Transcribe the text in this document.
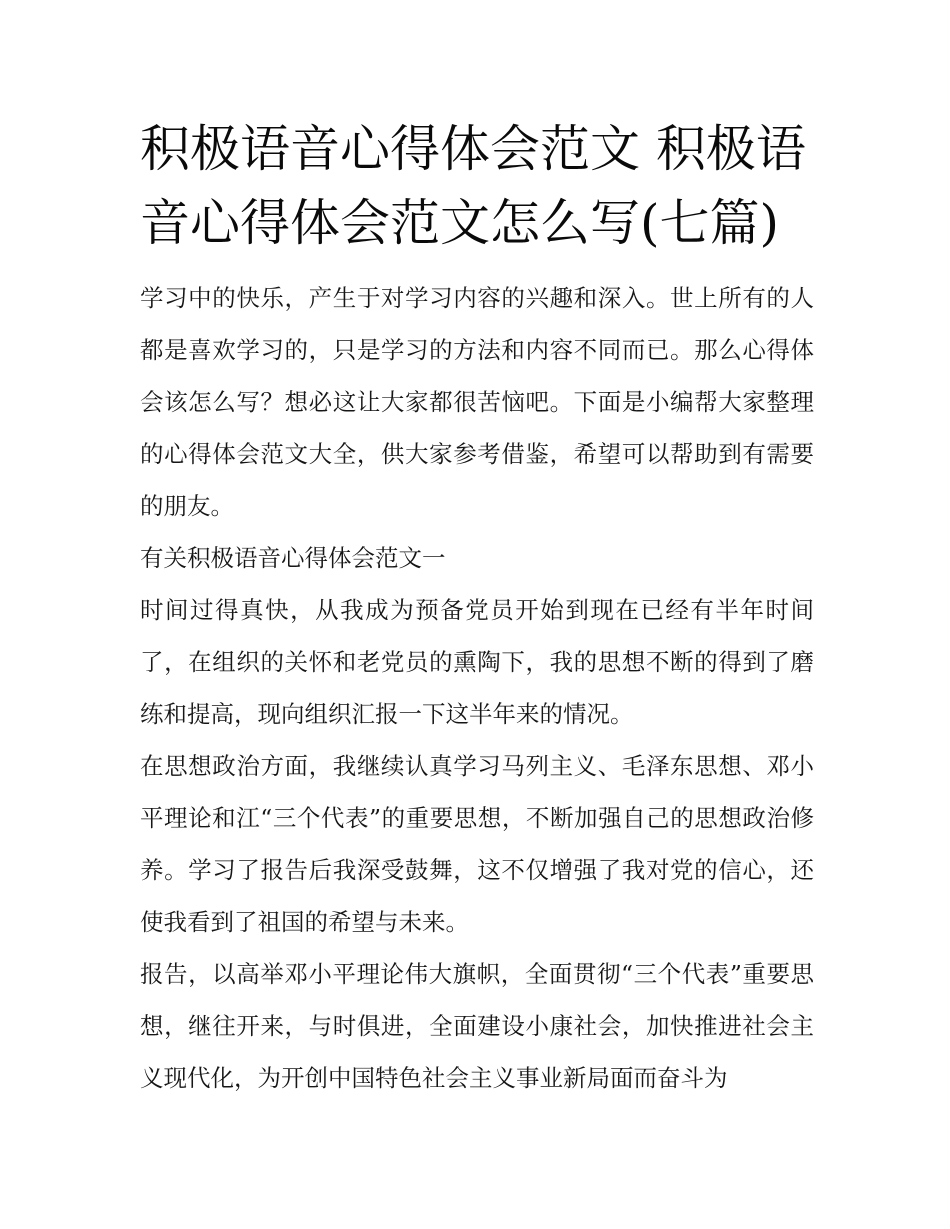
积极语音心得体会范文 积极语音心得体会范文怎么写(七篇)

学习中的快乐，产生于对学习内容的兴趣和深入。世上所有的人都是喜欢学习的，只是学习的方法和内容不同而已。那么心得体会该怎么写？想必这让大家都很苦恼吧。下面是小编帮大家整理的心得体会范文大全，供大家参考借鉴，希望可以帮助到有需要的朋友。

有关积极语音心得体会范文一

时间过得真快，从我成为预备党员开始到现在已经有半年时间了，在组织的关怀和老党员的熏陶下，我的思想不断的得到了磨练和提高，现向组织汇报一下这半年来的情况。

在思想政治方面，我继续认真学习马列主义、毛泽东思想、邓小平理论和江“三个代表”的重要思想，不断加强自己的思想政治修养。学习了报告后我深受鼓舞，这不仅增强了我对党的信心，还使我看到了祖国的希望与未来。

报告，以高举邓小平理论伟大旗帜，全面贯彻“三个代表”重要思想，继往开来，与时俱进，全面建设小康社会，加快推进社会主义现代化，为开创中国特色社会主义事业新局面而奋斗为
